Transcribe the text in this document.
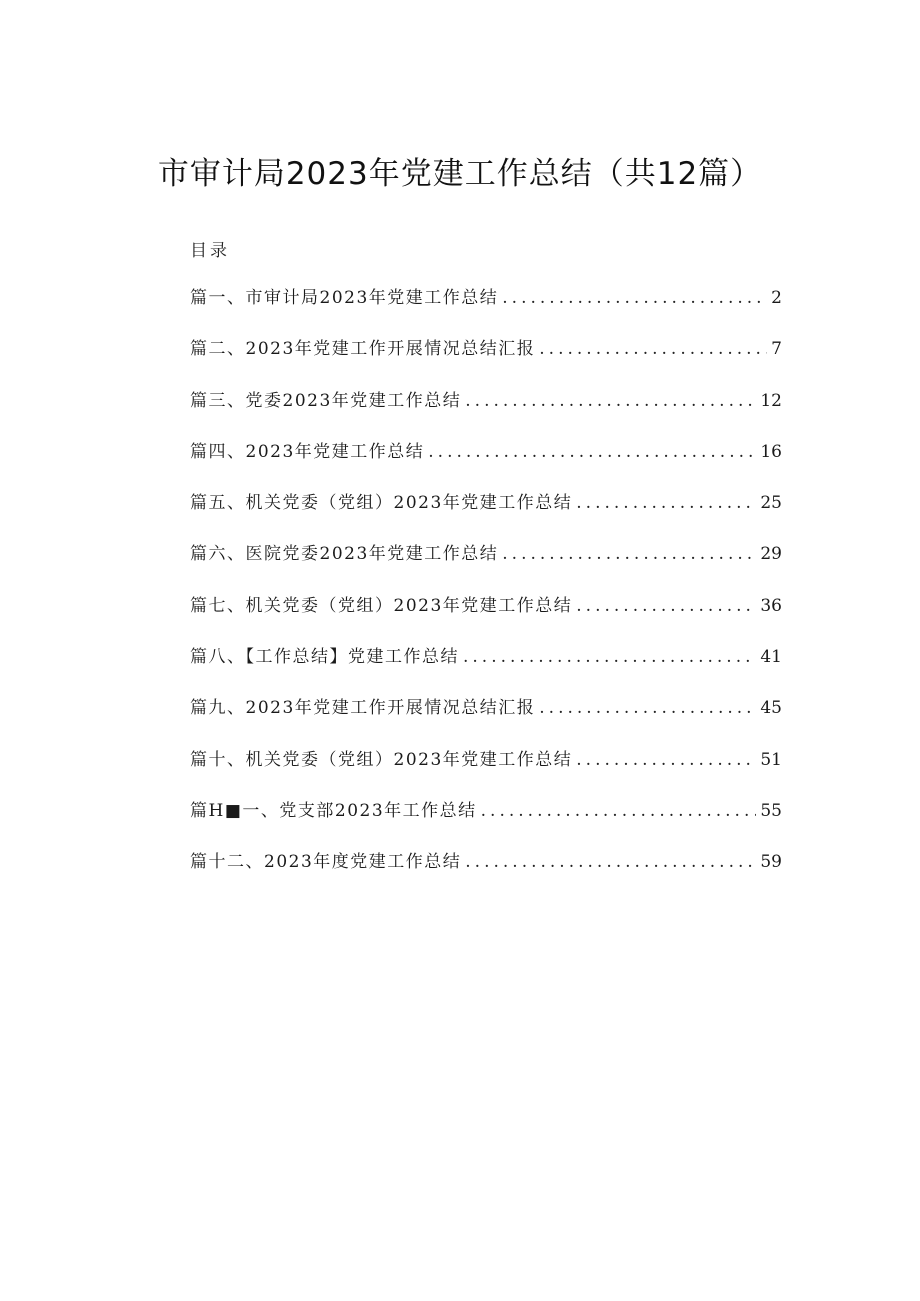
市审计局2023年党建工作总结（共12篇）
目录
篇一、市审计局2023年党建工作总结 .....	2
篇二、2023年党建工作开展情况总结汇报 .....	7
篇三、党委2023年党建工作总结 .....	12
篇四、2023年党建工作总结 .....	16
篇五、机关党委（党组）2023年党建工作总结 .....	25
篇六、医院党委2023年党建工作总结 .....	29
篇七、机关党委（党组）2023年党建工作总结 .....	36
篇八、【工作总结】党建工作总结 .....	41
篇九、2023年党建工作开展情况总结汇报 .....	45
篇十、机关党委（党组）2023年党建工作总结 .....	51
篇H■一、党支部2023年工作总结 .....	55
篇十二、2023年度党建工作总结 .....	59
